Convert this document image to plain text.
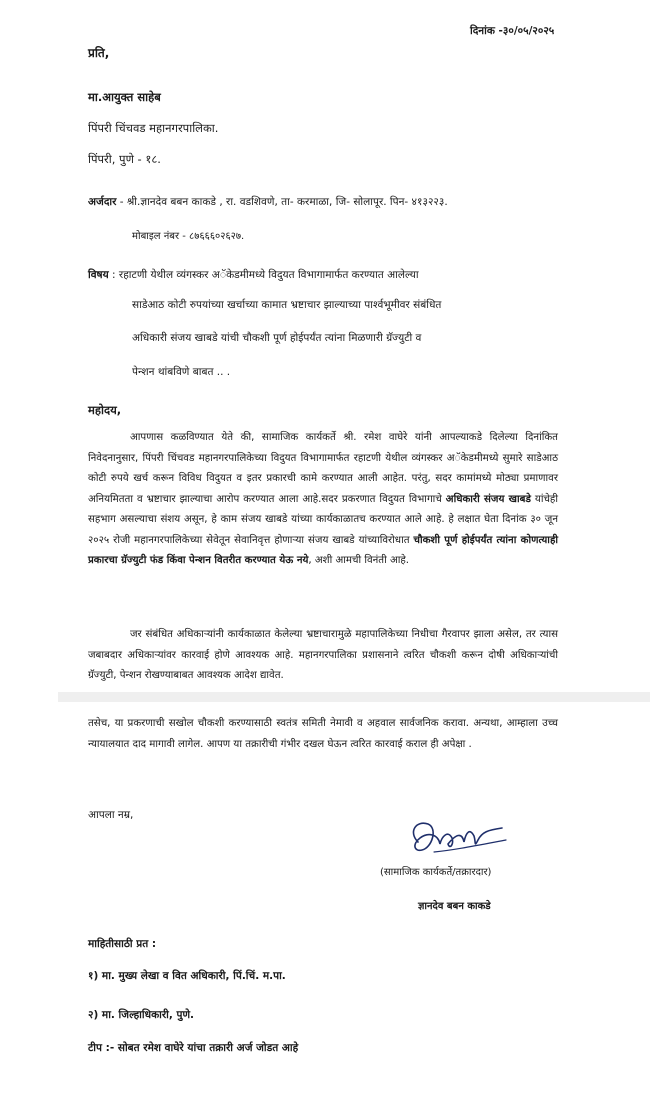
दिनांक -३०/०५/२०२५
प्रति,
मा.आयुक्त साहेब
पिंपरी चिंचवड महानगरपालिका.
पिंपरी, पुणे - १८.
अर्जदार - श्री.ज्ञानदेव बबन काकडे , रा. वडशिवणे, ता- करमाळा, जि- सोलापूर. पिन- ४१३२२३.
मोबाइल नंबर - ८७६६६०२६२७.
विषय : रहाटणी येथील व्यंगस्कर अॅकेडमीमध्ये विदुयत विभागामार्फत करण्यात आलेल्या
साडेआठ कोटी रुपयांच्या खर्चाच्या कामात भ्रष्टाचार झाल्याच्या पार्श्वभूमीवर संबंधित
अधिकारी संजय खाबडे यांची चौकशी पूर्ण होईपर्यंत त्यांना मिळणारी ग्रॅज्युटी व
पेन्शन थांबविणे बाबत .. .
महोदय,
आपणास कळविण्यात येते की, सामाजिक कार्यकर्ते श्री. रमेश वाघेरे यांनी आपल्याकडे दिलेल्या दिनांकित निवेदनानुसार, पिंपरी चिंचवड महानगरपालिकेच्या विदुयत विभागामार्फत रहाटणी येथील व्यंगस्कर अॅकेडमीमध्ये सुमारे साडेआठ कोटी रुपये खर्च करून विविध विदुयत व इतर प्रकारची कामे करण्यात आली आहेत. परंतु, सदर कामांमध्ये मोठ्या प्रमाणावर अनियमितता व भ्रष्टाचार झाल्याचा आरोप करण्यात आला आहे.सदर प्रकरणात विदुयत विभागाचे अधिकारी संजय खाबडे यांचेही सहभाग असल्याचा संशय असून, हे काम संजय खाबडे यांच्या कार्यकाळातच करण्यात आले आहे. हे लक्षात घेता दिनांक ३० जून २०२५ रोजी महानगरपालिकेच्या सेवेतून सेवानिवृत्त होणाऱ्या संजय खाबडे यांच्याविरोधात चौकशी पूर्ण होईपर्यंत त्यांना कोणत्याही प्रकारचा ग्रॅज्युटी फंड किंवा पेन्शन वितरीत करण्यात येऊ नये, अशी आमची विनंती आहे.
जर संबंधित अधिकाऱ्यांनी कार्यकाळात केलेल्या भ्रष्टाचारामुळे महापालिकेच्या निधीचा गैरवापर झाला असेल, तर त्यास जबाबदार अधिकाऱ्यांवर कारवाई होणे आवश्यक आहे. महानगरपालिका प्रशासनाने त्वरित चौकशी करून दोषी अधिकाऱ्यांची ग्रॅज्युटी, पेन्शन रोखण्याबाबत आवश्यक आदेश द्यावेत.
तसेच, या प्रकरणाची सखोल चौकशी करण्यासाठी स्वतंत्र समिती नेमावी व अहवाल सार्वजनिक करावा. अन्यथा, आम्हाला उच्च न्यायालयात दाद मागावी लागेल. आपण या तक्रारीची गंभीर दखल घेऊन त्वरित कारवाई कराल ही अपेक्षा .
आपला नम्र,
(सामाजिक कार्यकर्ते/तक्रारदार)
ज्ञानदेव बबन काकडे
माहितीसाठी प्रत :
१) मा. मुख्य लेखा व वित अधिकारी, पिं.चिं. म.पा.
२) मा. जिल्हाधिकारी, पुणे.
टीप :- सोबत रमेश वाघेरे यांचा तक्रारी अर्ज जोडत आहे
